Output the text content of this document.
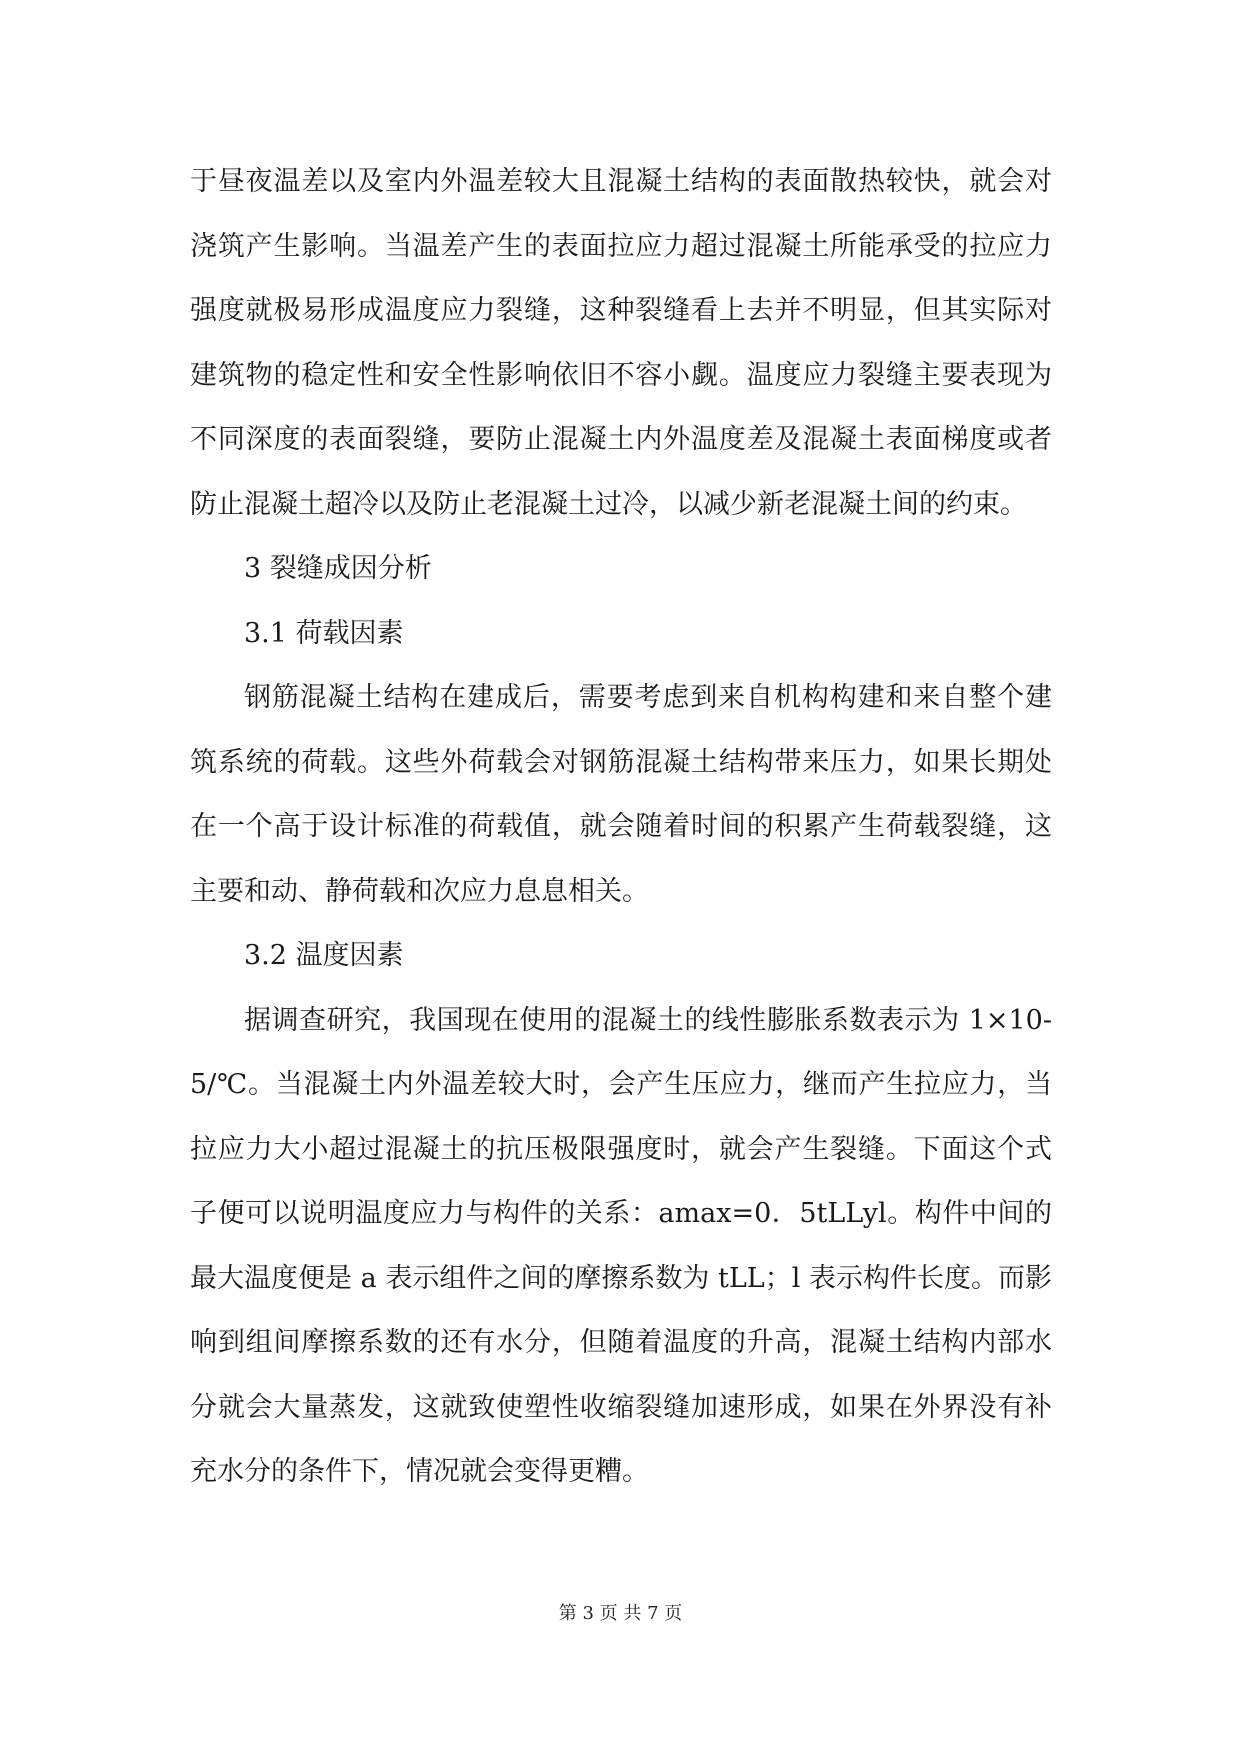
于昼夜温差以及室内外温差较大且混凝土结构的表面散热较快，就会对浇筑产生影响。当温差产生的表面拉应力超过混凝土所能承受的拉应力强度就极易形成温度应力裂缝，这种裂缝看上去并不明显，但其实际对建筑物的稳定性和安全性影响依旧不容小觑。温度应力裂缝主要表现为不同深度的表面裂缝，要防止混凝土内外温度差及混凝土表面梯度或者防止混凝土超冷以及防止老混凝土过冷，以减少新老混凝土间的约束。

3 裂缝成因分析

3.1 荷载因素

钢筋混凝土结构在建成后，需要考虑到来自机构构建和来自整个建筑系统的荷载。这些外荷载会对钢筋混凝土结构带来压力，如果长期处在一个高于设计标准的荷载值，就会随着时间的积累产生荷载裂缝，这主要和动、静荷载和次应力息息相关。

3.2 温度因素

据调查研究，我国现在使用的混凝土的线性膨胀系数表示为 1×10-5/℃。当混凝土内外温差较大时，会产生压应力，继而产生拉应力，当拉应力大小超过混凝土的抗压极限强度时，就会产生裂缝。下面这个式子便可以说明温度应力与构件的关系：amax=0．5tLLyl。构件中间的最大温度便是 a 表示组件之间的摩擦系数为 tLL；l 表示构件长度。而影响到组间摩擦系数的还有水分，但随着温度的升高，混凝土结构内部水分就会大量蒸发，这就致使塑性收缩裂缝加速形成，如果在外界没有补充水分的条件下，情况就会变得更糟。

第 3 页 共 7 页
